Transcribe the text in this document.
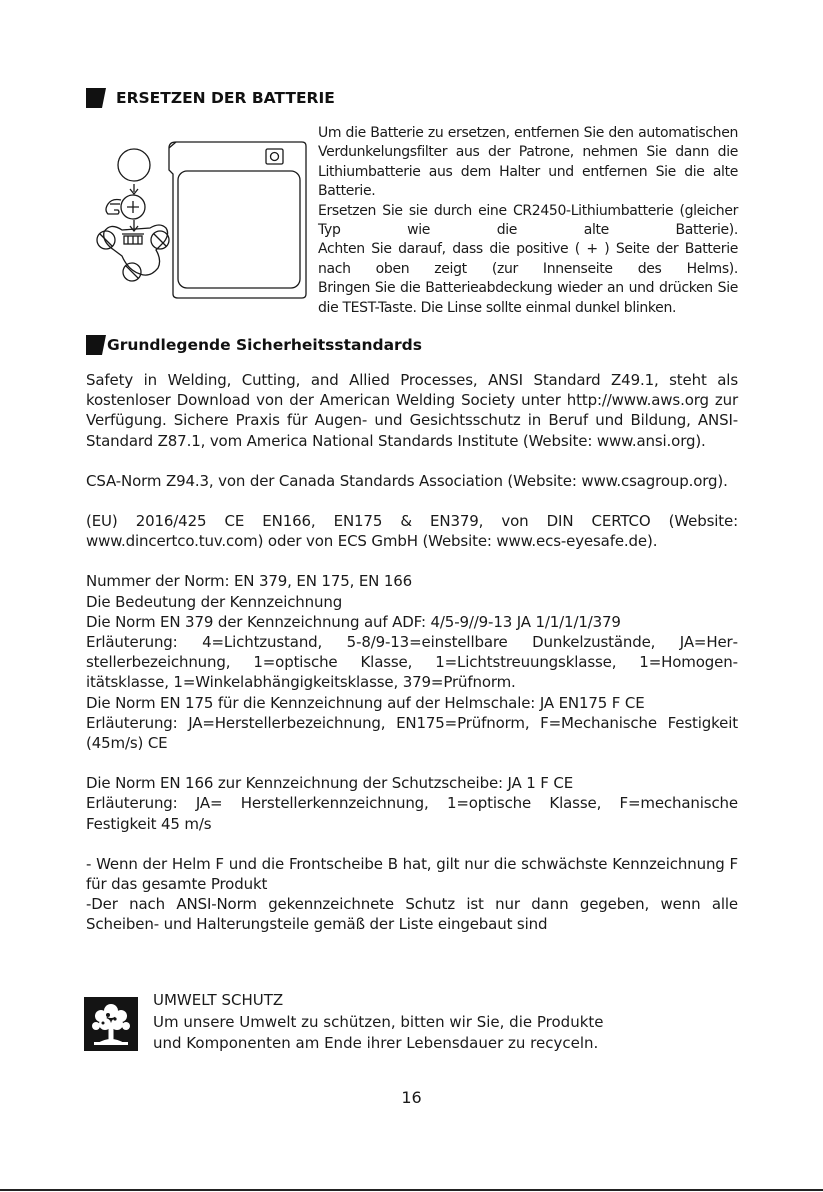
ERSETZEN DER BATTERIE

Um die Batterie zu ersetzen, entfernen Sie den automatischen Verdunkelungsfilter aus der Patrone, nehmen Sie dann die Lithiumbatterie aus dem Halter und entfernen Sie die alte Batterie.

Ersetzen Sie sie durch eine CR2450-Lithiumbatterie (gleicher Typ wie die alte Batterie).

Achten Sie darauf, dass die positive ( + ) Seite der Batterie nach oben zeigt (zur Innenseite des Helms).

Bringen Sie die Batterieabdeckung wieder an und drücken Sie die TEST-Taste. Die Linse sollte einmal dunkel blinken.

Grundlegende Sicherheitsstandards

Safety in Welding, Cutting, and Allied Processes, ANSI Standard Z49.1, steht als kostenloser Download von der American Welding Society unter http://www.aws.org zur Verfügung. Sichere Praxis für Augen- und Gesichtsschutz in Beruf und Bildung, ANSI-Standard Z87.1, vom America National Standards Institute (Website: www.ansi.org).

CSA-Norm Z94.3, von der Canada Standards Association (Website: www.csagroup.org).

(EU) 2016/425 CE EN166, EN175 & EN379, von DIN CERTCO (Website: www.dincertco.tuv.com) oder von ECS GmbH (Website: www.ecs-eyesafe.de).

Nummer der Norm: EN 379, EN 175, EN 166

Die Bedeutung der Kennzeichnung

Die Norm EN 379 der Kennzeichnung auf ADF: 4/5-9//9-13 JA 1/1/1/1/379

Erläuterung: 4=Lichtzustand, 5-8/9-13=einstellbare Dunkelzustände, JA=Herstellerbezeichnung, 1=optische Klasse, 1=Lichtstreuungsklasse, 1=Homogenitätsklasse, 1=Winkelabhängigkeitsklasse, 379=Prüfnorm.

Die Norm EN 175 für die Kennzeichnung auf der Helmschale: JA EN175 F CE

Erläuterung: JA=Herstellerbezeichnung, EN175=Prüfnorm, F=Mechanische Festigkeit (45m/s) CE

Die Norm EN 166 zur Kennzeichnung der Schutzscheibe: JA 1 F CE

Erläuterung: JA= Herstellerkennzeichnung, 1=optische Klasse, F=mechanische Festigkeit 45 m/s

- Wenn der Helm F und die Frontscheibe B hat, gilt nur die schwächste Kennzeichnung F für das gesamte Produkt

-Der nach ANSI-Norm gekennzeichnete Schutz ist nur dann gegeben, wenn alle Scheiben- und Halterungsteile gemäß der Liste eingebaut sind

UMWELT SCHUTZ
Um unsere Umwelt zu schützen, bitten wir Sie, die Produkte
und Komponenten am Ende ihrer Lebensdauer zu recyceln.
16
